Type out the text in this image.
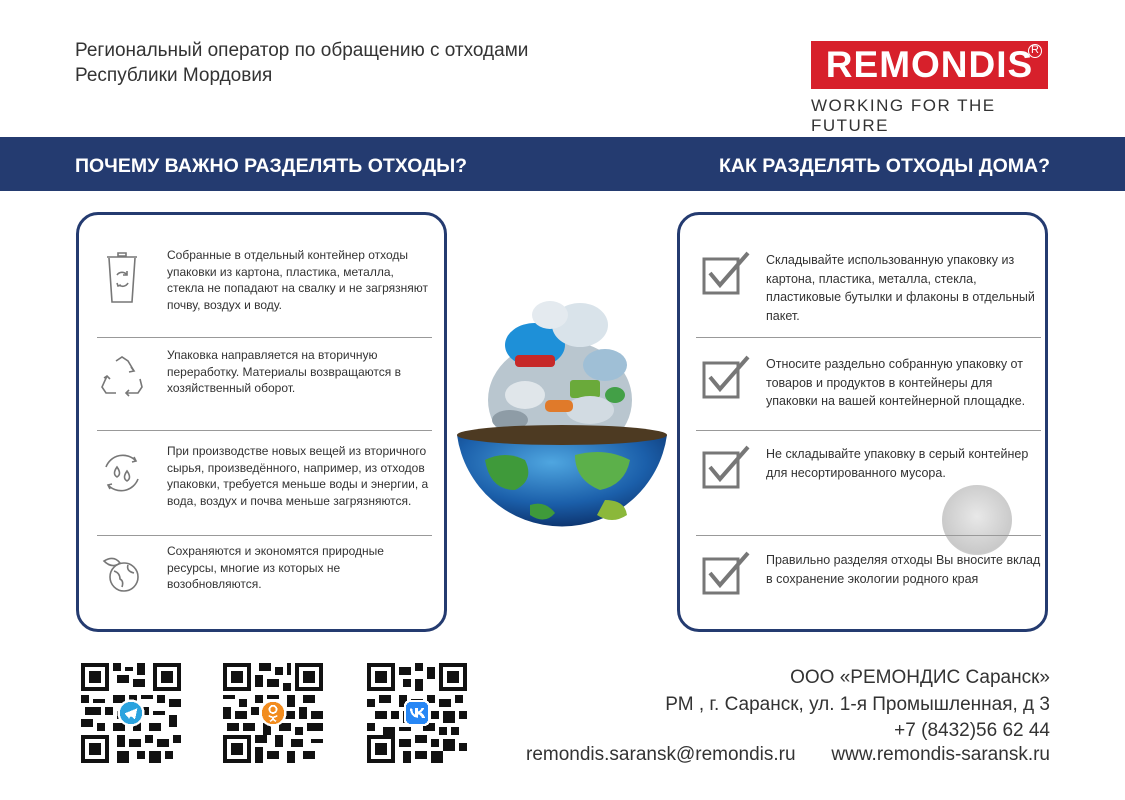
Региональный оператор по обращению с отходами
Республики Мордовия	REMONDIS
R
WORKING FOR THE FUTURE
ПОЧЕМУ ВАЖНО РАЗДЕЛЯТЬ ОТХОДЫ?	КАК РАЗДЕЛЯТЬ ОТХОДЫ ДОМА?
Собранные в отдельный контейнер отходы упаковки из картона, пластика, металла, стекла не попадают на свалку и не загрязняют почву, воздух и воду.
Упаковка направляется на вторичную переработку. Материалы возвращаются в хозяйственный оборот.
При производстве новых вещей из вторичного сырья, произведённого, например, из отходов упаковки, требуется меньше воды и энергии, а вода, воздух и почва меньше загрязняются.
Сохраняются и экономятся природные ресурсы, многие из которых не возобновляются.
Складывайте использованную упаковку из картона, пластика, металла, стекла, пластиковые бутылки и флаконы в отдельный пакет.
Относите раздельно собранную упаковку от товаров и продуктов в контейнеры для упаковки на вашей контейнерной площадке.
Не складывайте упаковку в серый контейнер для несортированного мусора.
Правильно разделяя отходы Вы вносите вклад в сохранение экологии родного края
ООО «РЕМОНДИС Саранск»
РМ , г. Саранск, ул. 1-я Промышленная, д 3
+7 (8432)56 62 44
remondis.saransk@remondis.ru www.remondis-saransk.ru
